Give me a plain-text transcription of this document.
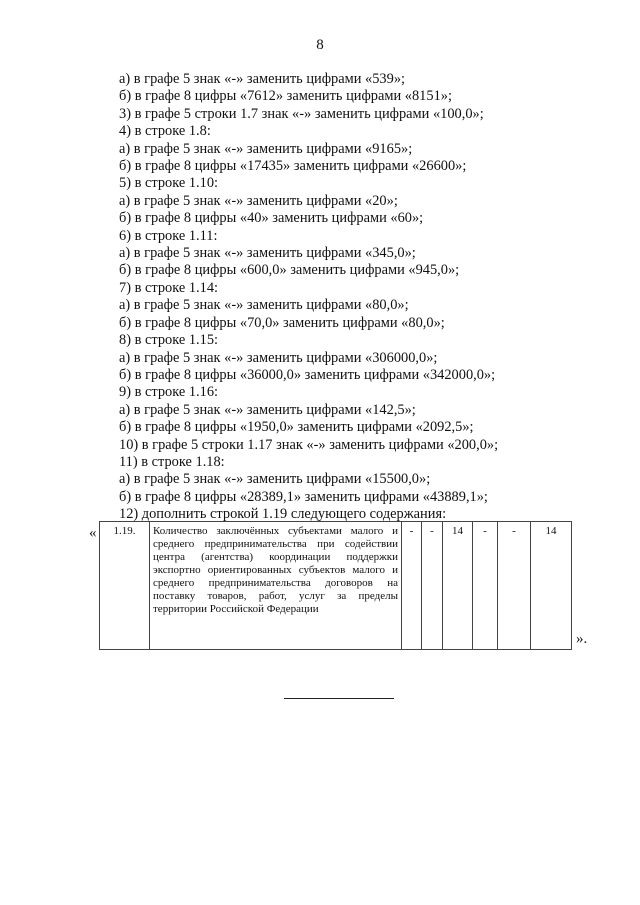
8
а) в графе 5 знак «-» заменить цифрами «539»;
б) в графе 8 цифры «7612» заменить цифрами «8151»;
3) в графе 5 строки 1.7 знак «-» заменить цифрами «100,0»;
4) в строке 1.8:
а) в графе 5 знак «-» заменить цифрами «9165»;
б) в графе 8 цифры «17435» заменить цифрами «26600»;
5) в строке 1.10:
а) в графе 5 знак «-» заменить цифрами «20»;
б) в графе 8 цифры «40» заменить цифрами «60»;
6) в строке 1.11:
а) в графе 5 знак «-» заменить цифрами «345,0»;
б) в графе 8 цифры «600,0» заменить цифрами «945,0»;
7) в строке 1.14:
а) в графе 5 знак «-» заменить цифрами «80,0»;
б) в графе 8 цифры «70,0» заменить цифрами «80,0»;
8) в строке 1.15:
а) в графе 5 знак «-» заменить цифрами «306000,0»;
б) в графе 8 цифры «36000,0» заменить цифрами «342000,0»;
9) в строке 1.16:
а) в графе 5 знак «-» заменить цифрами «142,5»;
б) в графе 8 цифры «1950,0» заменить цифрами «2092,5»;
10) в графе 5 строки 1.17 знак «-» заменить цифрами «200,0»;
11) в строке 1.18:
а) в графе 5 знак «-» заменить цифрами «15500,0»;
б) в графе 8 цифры «28389,1» заменить цифрами «43889,1»;
12) дополнить строкой 1.19 следующего содержания:
« 1.19.	Количество заключённых субъектами малого и среднего предпринимательства при содействии центра (агентства) координации поддержки экспортно ориентированных субъектов малого и среднего предпринимательства договоров на поставку товаров, работ, услуг за пределы территории Российской Федерации	-	-	14	-	-	14
».
